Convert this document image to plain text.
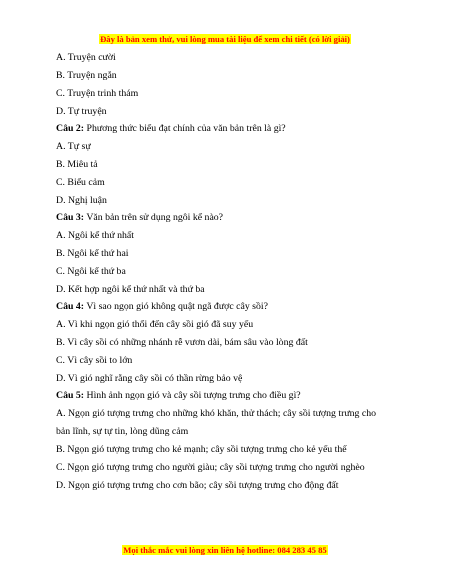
Đây là bản xem thử, vui lòng mua tài liệu để xem chi tiết (có lời giải)
A. Truyện cười
B. Truyện ngắn
C. Truyện trinh thám
D. Tự truyện
Câu 2: Phương thức biểu đạt chính của văn bản trên là gì?
A. Tự sự
B. Miêu tả
C. Biểu cảm
D. Nghị luận
Câu 3: Văn bản trên sử dụng ngôi kể nào?
A. Ngôi kể thứ nhất
B. Ngôi kể thứ hai
C. Ngôi kể thứ ba
D. Kết hợp ngôi kể thứ nhất và thứ ba
Câu 4: Vì sao ngọn gió không quật ngã được cây sồi?
A. Vì khi ngọn gió thổi đến cây sồi gió đã suy yếu
B. Vì cây sồi có những nhánh rễ vươn dài, bám sâu vào lòng đất
C. Vì cây sồi to lớn
D. Vì gió nghĩ rằng cây sồi có thần rừng bảo vệ
Câu 5: Hình ảnh ngọn gió và cây sồi tượng trưng cho điều gì?
A. Ngọn gió tượng trưng cho những khó khăn, thử thách; cây sồi tượng trưng cho
bản lĩnh, sự tự tin, lòng dũng cảm
B. Ngọn gió tượng trưng cho kẻ mạnh; cây sồi tượng trưng cho kẻ yếu thế
C. Ngọn gió tượng trưng cho người giàu; cây sồi tượng trưng cho người nghèo
D. Ngọn gió tượng trưng cho cơn bão; cây sồi tượng trưng cho động đất
Mọi thắc mắc vui lòng xin liên hệ hotline: 084 283 45 85
